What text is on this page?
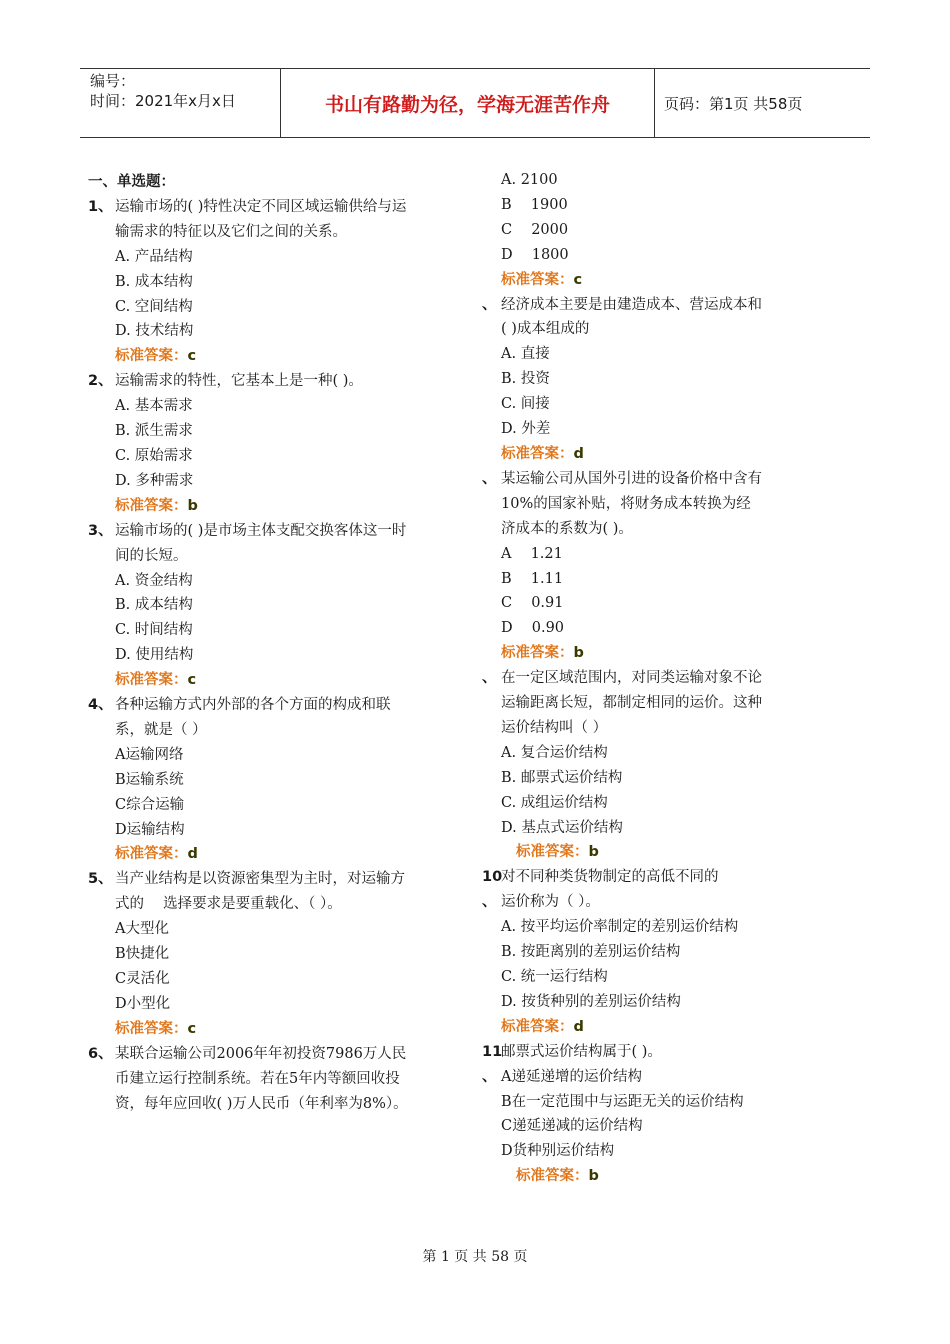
编号：
时间：2021年x月x日	书山有路勤为径，学海无涯苦作舟	页码：第1页 共58页
一、单选题：
1、 运输市场的( )特性决定不同区域运输供给与运输需求的特征以及它们之间的关系。
A. 产品结构
B. 成本结构
C. 空间结构
D. 技术结构
标准答案：c
2、 运输需求的特性，它基本上是一种( )。
A. 基本需求
B. 派生需求
C. 原始需求
D. 多种需求
标准答案：b
3、 运输市场的( )是市场主体支配交换客体这一时间的长短。
A. 资金结构
B. 成本结构
C. 时间结构
D. 使用结构
标准答案：c
4、 各种运输方式内外部的各个方面的构成和联系，就是（ ）
A运输网络
B运输系统
C综合运输
D运输结构
标准答案：d
5、 当产业结构是以资源密集型为主时，对运输方式的　 选择要求是要重载化、（ ）。
A大型化
B快捷化
C灵活化
D小型化
标准答案：c
6、 某联合运输公司2006年年初投资7986万人民币建立运行控制系统。若在5年内等额回收投资，每年应回收( )万人民币（年利率为8%）。
A. 2100
B　 1900
C　 2000
D　 1800
标准答案：c
、 经济成本主要是由建造成本、营运成本和( )成本组成的
A. 直接
B. 投资
C. 间接
D. 外差
标准答案：d
、 某运输公司从国外引进的设备价格中含有10%的国家补贴，将财务成本转换为经济成本的系数为( )。
A　 1.21
B　 1.11
C　 0.91
D　 0.90
标准答案：b
、 在一定区域范围内，对同类运输对象不论运输距离长短，都制定相同的运价。这种运价结构叫（ ）
A. 复合运价结构
B. 邮票式运价结构
C. 成组运价结构
D. 基点式运价结构
标准答案：b
10
对不同种类货物制定的高低不同的
、 运价称为（ ）。
A. 按平均运价率制定的差别运价结构
B. 按距离别的差别运价结构
C. 统一运行结构
D. 按货种别的差别运价结构
标准答案：d
11
邮票式运价结构属于( )。
、 A递延递增的运价结构
B在一定范围中与运距无关的运价结构
C递延递减的运价结构
D货种别运价结构
标准答案：b
第 1 页 共 58 页
